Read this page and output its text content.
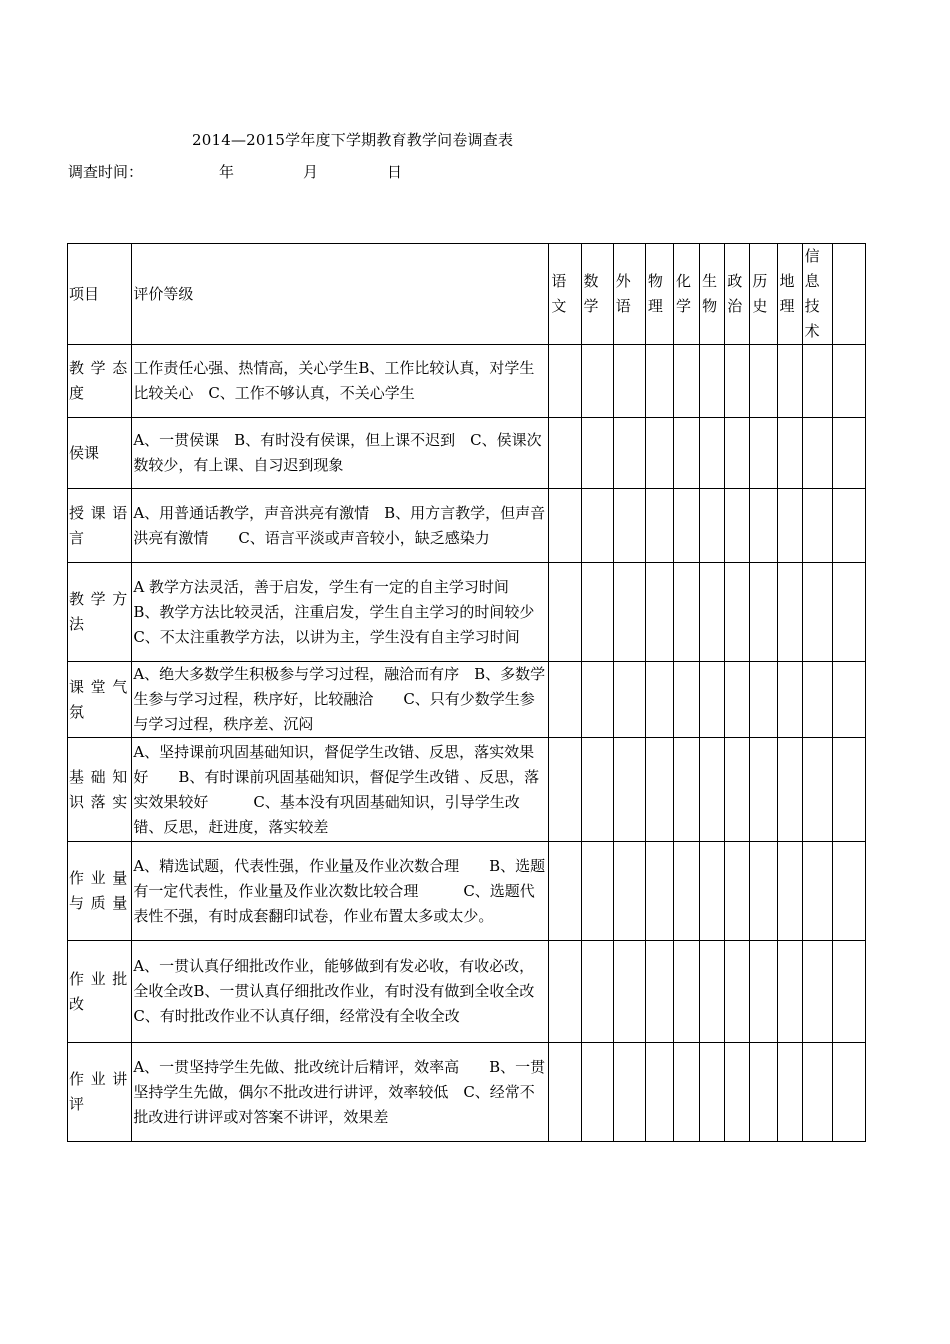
2014—2015学年度下学期教育教学问卷调查表
调查时间：	年	月	日
项目	评价等级	语文	数学	外语	物理	化学	生物	政治	历史	地理	信息技术	

教学态度	工作责任心强、热情高，关心学生B、工作比较认真，对学生比较关心　C、工作不够认真，不关心学生											
侯课	A、一贯侯课　B、有时没有侯课，但上课不迟到　C、侯课次数较少，有上课、自习迟到现象											
授课语言	A、用普通话教学，声音洪亮有激情　B、用方言教学，但声音洪亮有激情　　C、语言平淡或声音较小，缺乏感染力											
教学方法	A 教学方法灵活，善于启发，学生有一定的自主学习时间　　B、教学方法比较灵活，注重启发，学生自主学习的时间较少　　C、不太注重教学方法，以讲为主，学生没有自主学习时间											
课堂气氛	A、绝大多数学生积极参与学习过程，融洽而有序　B、多数学生参与学习过程，秩序好，比较融洽　　C、只有少数学生参与学习过程，秩序差、沉闷											
基础知识落实	A、坚持课前巩固基础知识，督促学生改错、反思，落实效果好　　B、有时课前巩固基础知识，督促学生改错 、反思，落实效果较好　　　C、基本没有巩固基础知识，引导学生改错、反思，赶进度，落实较差											
作业量与质量	A、精选试题，代表性强，作业量及作业次数合理　　B、选题有一定代表性，作业量及作业次数比较合理　　　C、选题代表性不强，有时成套翻印试卷，作业布置太多或太少。											
作业批改	A、一贯认真仔细批改作业，能够做到有发必收，有收必改，全收全改B、一贯认真仔细批改作业，有时没有做到全收全改　　C、有时批改作业不认真仔细，经常没有全收全改											
作业讲评	A、一贯坚持学生先做、批改统计后精评，效率高　　B、一贯坚持学生先做，偶尔不批改进行讲评，效率较低　C、经常不批改进行讲评或对答案不讲评，效果差											
